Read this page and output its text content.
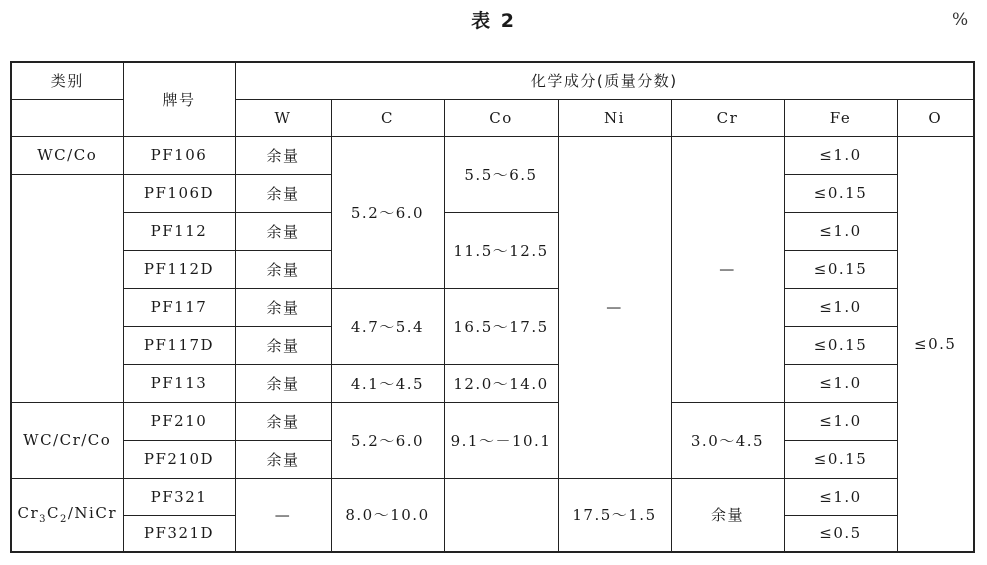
表 2	%
类别	牌号	化学成分(质量分数)						
		W	C	Co	Ni	Cr	Fe	O
WC/Co	PF106	余量	5.2～6.0	5.5～6.5	—	—	≤1.0	≤0.5
	PF106D	余量					≤0.15	
	PF112	余量		11.5～12.5			≤1.0	
	PF112D	余量					≤0.15	
	PF117	余量	4.7～5.4	16.5～17.5			≤1.0	
	PF117D	余量					≤0.15	
	PF113	余量	4.1～4.5	12.0～14.0			≤1.0	
WC/Cr/Co	PF210	余量	5.2～6.0	9.1～－10.1		3.0～4.5	≤1.0	
	PF210D	余量					≤0.15	
$Cr_3C_2$/NiCr	PF321	—	8.0～10.0		17.5～1.5	余量	≤1.0	
	PF321D						≤0.5	
